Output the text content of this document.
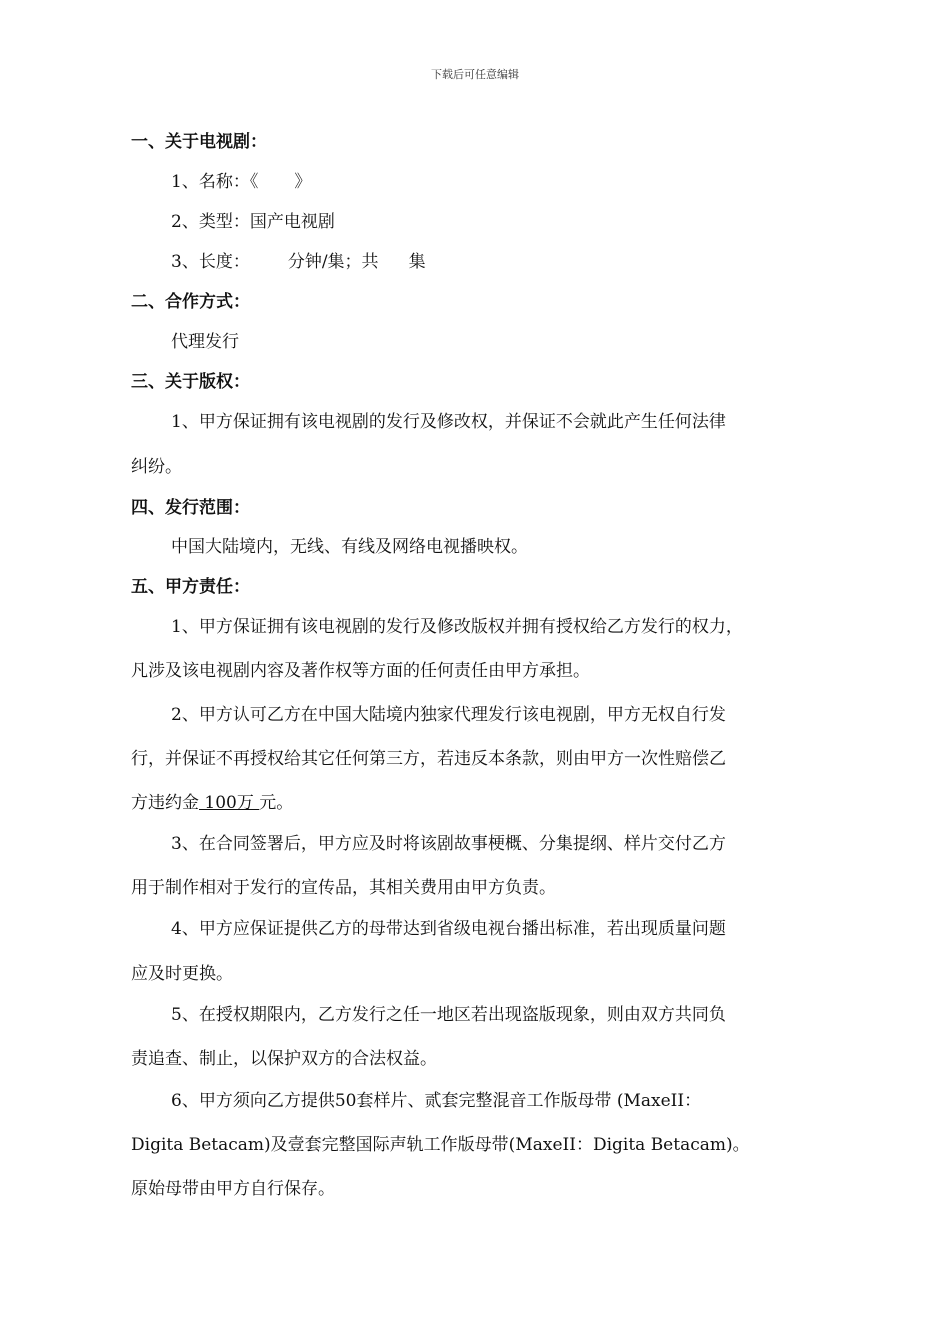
下载后可任意编辑
一、关于电视剧：
1、名称：《 》
2、类型：国产电视剧
3、长度： 分钟/集；共 集
二、合作方式：
代理发行
三、关于版权：
1、甲方保证拥有该电视剧的发行及修改权，并保证不会就此产生任何法律
纠纷。
四、发行范围：
中国大陆境内，无线、有线及网络电视播映权。
五、甲方责任：
1、甲方保证拥有该电视剧的发行及修改版权并拥有授权给乙方发行的权力，
凡涉及该电视剧内容及著作权等方面的任何责任由甲方承担。
2、甲方认可乙方在中国大陆境内独家代理发行该电视剧，甲方无权自行发
行，并保证不再授权给其它任何第三方，若违反本条款，则由甲方一次性赔偿乙
方违约金 100万 元。
3、在合同签署后，甲方应及时将该剧故事梗概、分集提纲、样片交付乙方
用于制作相对于发行的宣传品，其相关费用由甲方负责。
4、甲方应保证提供乙方的母带达到省级电视台播出标准，若出现质量问题
应及时更换。
5、在授权期限内，乙方发行之任一地区若出现盗版现象，则由双方共同负
责追查、制止，以保护双方的合法权益。
6、甲方须向乙方提供50套样片、贰套完整混音工作版母带 (MaxeII：
Digita Betacam)及壹套完整国际声轨工作版母带(MaxeII：Digita Betacam)。
原始母带由甲方自行保存。
